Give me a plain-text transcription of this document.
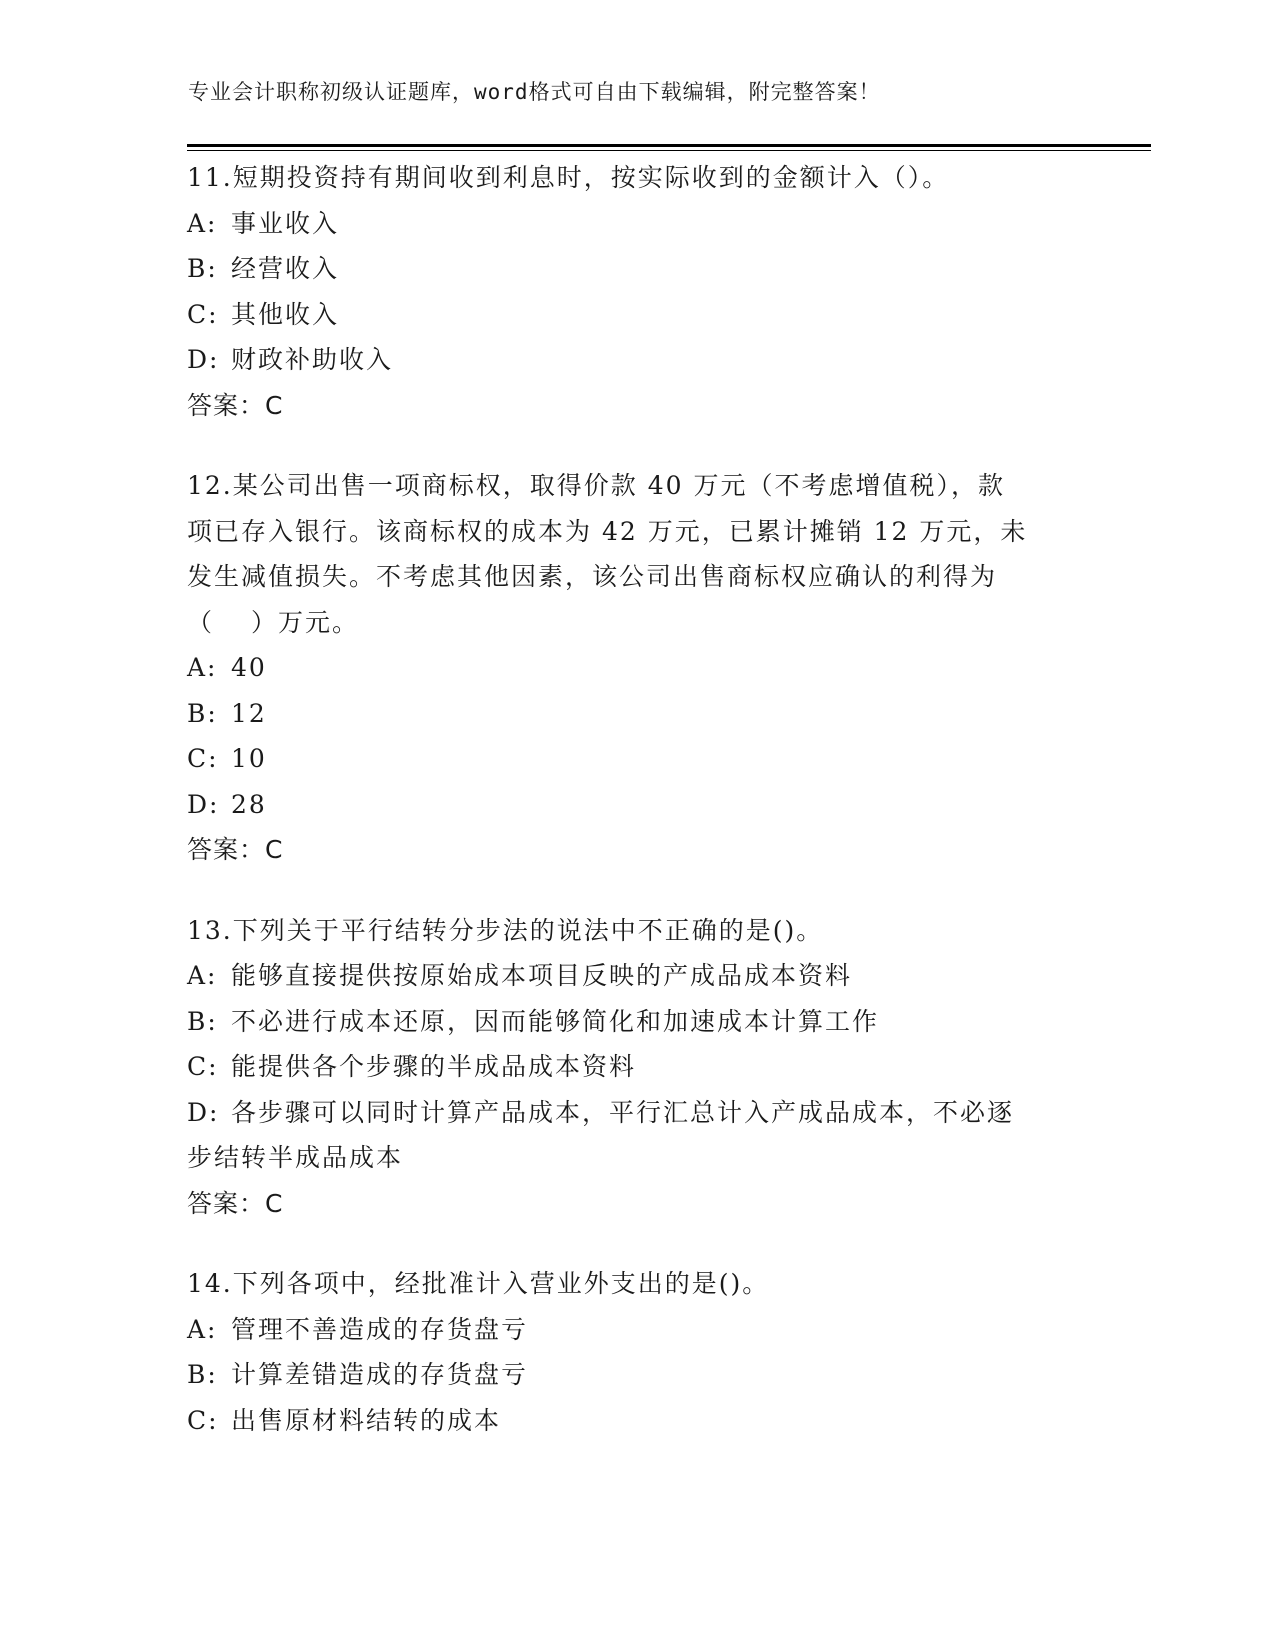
专业会计职称初级认证题库，word格式可自由下载编辑，附完整答案！
11.短期投资持有期间收到利息时，按实际收到的金额计入（）。
A: 事业收入
B: 经营收入
C: 其他收入
D: 财政补助收入
答案：C
12.某公司出售一项商标权，取得价款 40 万元（不考虑增值税），款
项已存入银行。该商标权的成本为 42 万元，已累计摊销 12 万元，未
发生减值损失。不考虑其他因素，该公司出售商标权应确认的利得为
（　 ）万元。
A: 40
B: 12
C: 10
D: 28
答案：C
13.下列关于平行结转分步法的说法中不正确的是()。
A: 能够直接提供按原始成本项目反映的产成品成本资料
B: 不必进行成本还原，因而能够简化和加速成本计算工作
C: 能提供各个步骤的半成品成本资料
D: 各步骤可以同时计算产品成本，平行汇总计入产成品成本，不必逐
步结转半成品成本
答案：C
14.下列各项中，经批准计入营业外支出的是()。
A: 管理不善造成的存货盘亏
B: 计算差错造成的存货盘亏
C: 出售原材料结转的成本
